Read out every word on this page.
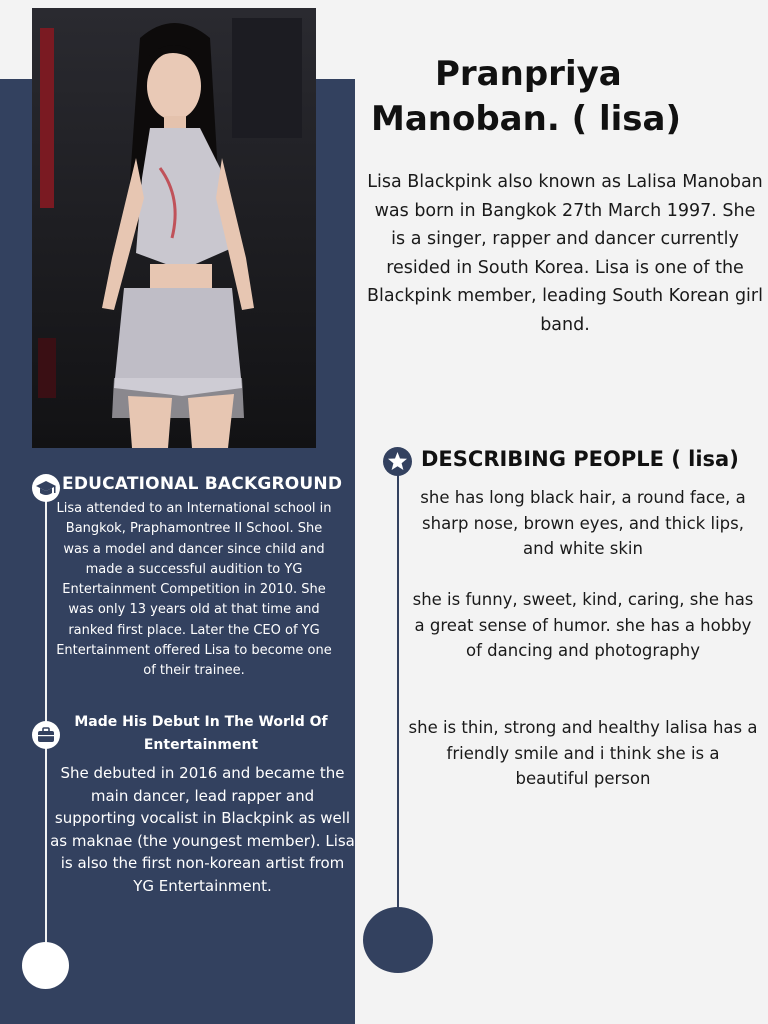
Pranpriya
Manoban. ( lisa)
Lisa Blackpink also known as Lalisa Manoban was born in Bangkok 27th March 1997. She is a singer, rapper and dancer currently resided in South Korea. Lisa is one of the Blackpink member, leading South Korean girl band.
EDUCATIONAL BACKGROUND
Lisa attended to an International school in Bangkok, Praphamontree II School. She was a model and dancer since child and made a successful audition to YG Entertainment Competition in 2010. She was only 13 years old at that time and ranked first place. Later the CEO of YG Entertainment offered Lisa to become one of their trainee.
Made His Debut In The World Of Entertainment
She debuted in 2016 and became the main dancer, lead rapper and supporting vocalist in Blackpink as well as maknae (the youngest member). Lisa is also the first non-korean artist from YG Entertainment.
DESCRIBING PEOPLE ( lisa)
she has long black hair, a round face, a sharp nose, brown eyes, and thick lips, and white skin
she is funny, sweet, kind, caring, she has a great sense of humor. she has a hobby of dancing and photography
she is thin, strong and healthy lalisa has a friendly smile and i think she is a beautiful person
